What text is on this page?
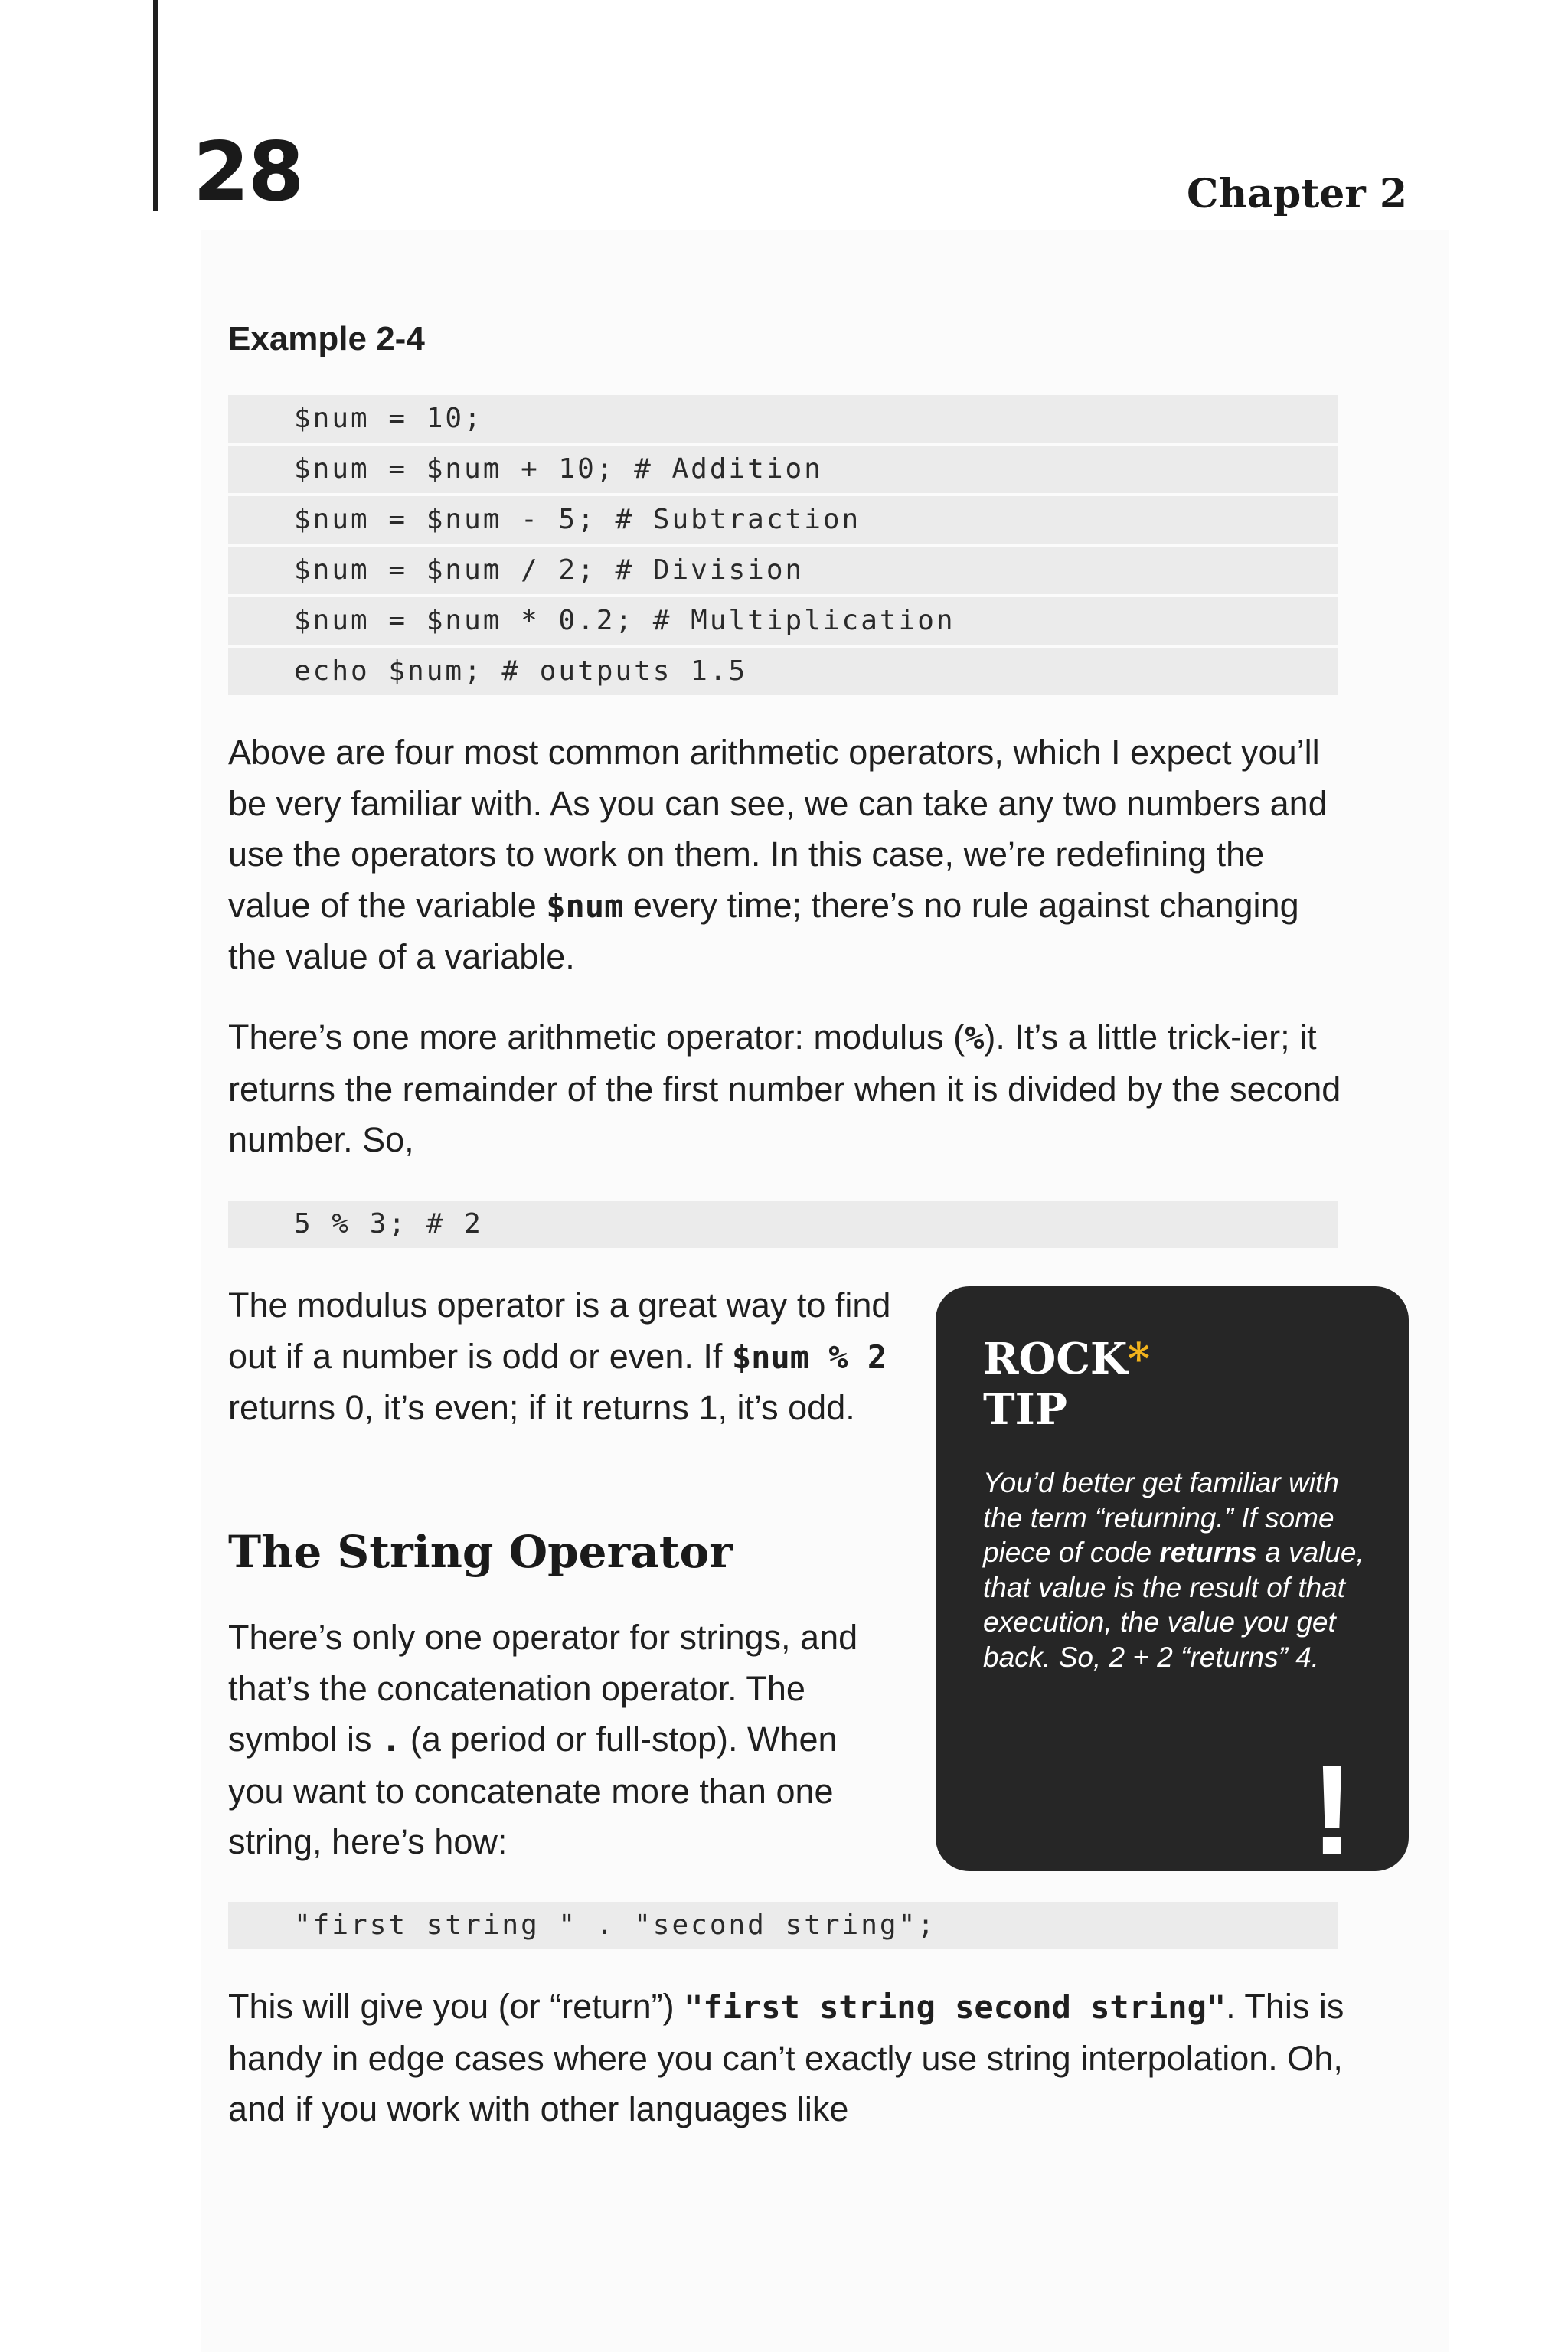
28	Chapter 2
Example 2-4
$num = 10;
$num = $num + 10; # Addition
$num = $num - 5; # Subtraction
$num = $num / 2; # Division
$num = $num * 0.2; # Multiplication
echo $num; # outputs 1.5

Above are four most common arithmetic operators, which I expect you’ll be very familiar with. As you can see, we can take any two numbers and use the operators to work on them. In this case, we’re redefining the value of the variable $num every time; there’s no rule against changing the value of a variable.

There’s one more arithmetic operator: modulus (%). It’s a little trick-ier; it returns the remainder of the first number when it is divided by the second number. So,

5 % 3; # 2

The modulus operator is a great way to find out if a number is odd or even. If $num % 2 returns 0, it’s even; if it returns 1, it’s odd.

The String Operator

There’s only one operator for strings, and that’s the concatenation operator. The symbol is . (a period or full-stop). When you want to concatenate more than one string, here’s how:

"first string " . "second string";

This will give you (or “return”) "first string second string". This is handy in edge cases where you can’t exactly use string interpolation. Oh, and if you work with other languages like

ROCK*
TIP
You’d better get familiar with the term “returning.” If some piece of code returns a value, that value is the result of that execution, the value you get back. So, 2 + 2 “returns” 4.
!
